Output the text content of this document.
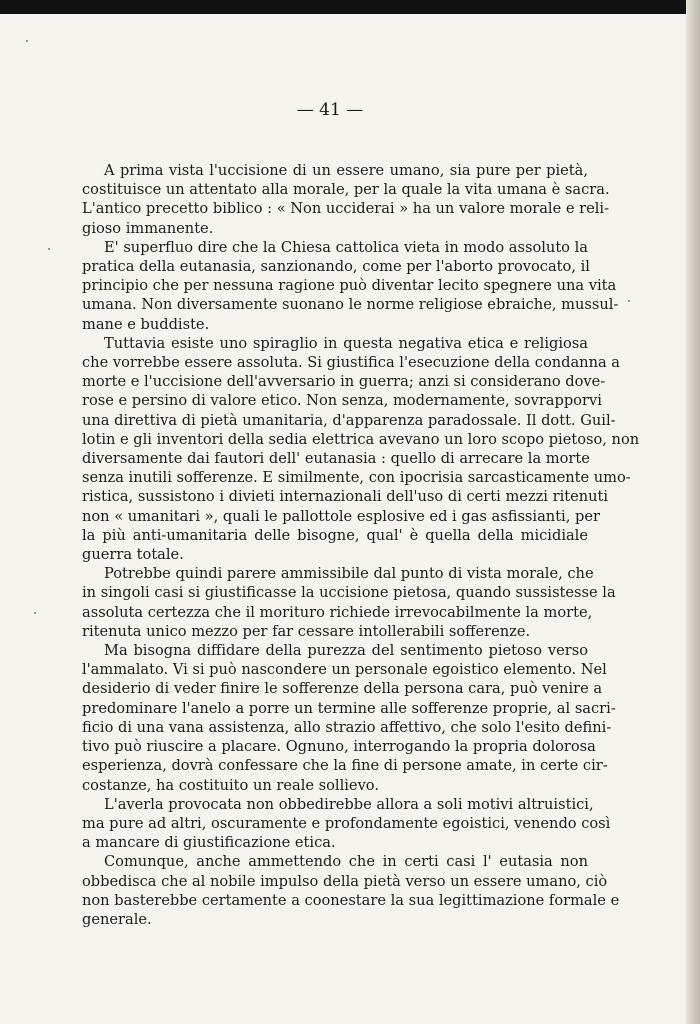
— 41 —
A prima vista l'uccisione di un essere umano, sia pure per pietà,
costituisce un attentato alla morale, per la quale la vita umana è sacra.
L'antico precetto biblico : « Non ucciderai » ha un valore morale e reli-
gioso immanente.
E' superfluo dire che la Chiesa cattolica vieta in modo assoluto la
pratica della eutanasia, sanzionando, come per l'aborto provocato, il
principio che per nessuna ragione può diventar lecito spegnere una vita
umana. Non diversamente suonano le norme religiose ebraiche, mussul-
mane e buddiste.
Tuttavia esiste uno spiraglio in questa negativa etica e religiosa
che vorrebbe essere assoluta. Si giustifica l'esecuzione della condanna a
morte e l'uccisione dell'avversario in guerra; anzi si considerano dove-
rose e persino di valore etico. Non senza, modernamente, sovrapporvi
una direttiva di pietà umanitaria, d'apparenza paradossale. Il dott. Guil-
lotin e gli inventori della sedia elettrica avevano un loro scopo pietoso, non
diversamente dai fautori dell' eutanasia : quello di arrecare la morte
senza inutili sofferenze. E similmente, con ipocrisia sarcasticamente umo-
ristica, sussistono i divieti internazionali dell'uso di certi mezzi ritenuti
non « umanitari », quali le pallottole esplosive ed i gas asfissianti, per
la più anti-umanitaria delle bisogne, qual' è quella della micidiale
guerra totale.
Potrebbe quindi parere ammissibile dal punto di vista morale, che
in singoli casi si giustificasse la uccisione pietosa, quando sussistesse la
assoluta certezza che il morituro richiede irrevocabilmente la morte,
ritenuta unico mezzo per far cessare intollerabili sofferenze.
Ma bisogna diffidare della purezza del sentimento pietoso verso
l'ammalato. Vi si può nascondere un personale egoistico elemento. Nel
desiderio di veder finire le sofferenze della persona cara, può venire a
predominare l'anelo a porre un termine alle sofferenze proprie, al sacri-
ficio di una vana assistenza, allo strazio affettivo, che solo l'esito defini-
tivo può riuscire a placare. Ognuno, interrogando la propria dolorosa
esperienza, dovrà confessare che la fine di persone amate, in certe cir-
costanze, ha costituito un reale sollievo.
L'averla provocata non obbedirebbe allora a soli motivi altruistici,
ma pure ad altri, oscuramente e profondamente egoistici, venendo così
a mancare di giustificazione etica.
Comunque, anche ammettendo che in certi casi l' eutasia non
obbedisca che al nobile impulso della pietà verso un essere umano, ciò
non basterebbe certamente a coonestare la sua legittimazione formale e
generale.
